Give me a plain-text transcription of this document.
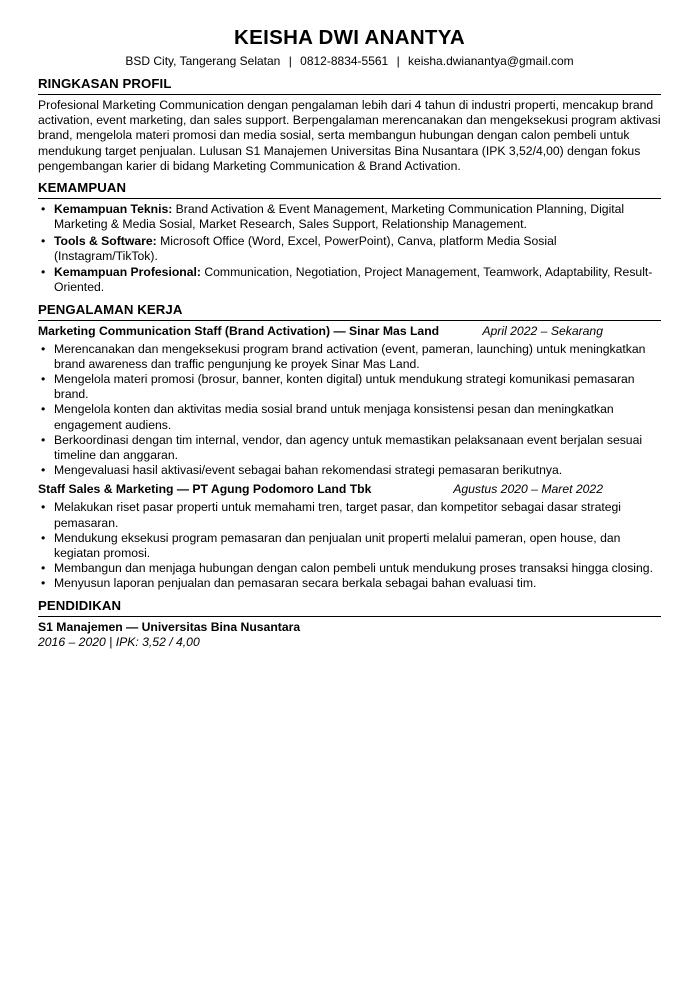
KEISHA DWI ANANTYA
BSD City, Tangerang Selatan | 0812-8834-5561 | keisha.dwianantya@gmail.com
RINGKASAN PROFIL
Profesional Marketing Communication dengan pengalaman lebih dari 4 tahun di industri properti, mencakup brand activation, event marketing, dan sales support. Berpengalaman merencanakan dan mengeksekusi program aktivasi brand, mengelola materi promosi dan media sosial, serta membangun hubungan dengan calon pembeli untuk mendukung target penjualan. Lulusan S1 Manajemen Universitas Bina Nusantara (IPK 3,52/4,00) dengan fokus pengembangan karier di bidang Marketing Communication & Brand Activation.
KEMAMPUAN
• Kemampuan Teknis: Brand Activation & Event Management, Marketing Communication Planning, Digital Marketing & Media Sosial, Market Research, Sales Support, Relationship Management.
• Tools & Software: Microsoft Office (Word, Excel, PowerPoint), Canva, platform Media Sosial (Instagram/TikTok).
• Kemampuan Profesional: Communication, Negotiation, Project Management, Teamwork, Adaptability, Result-Oriented.
PENGALAMAN KERJA
Marketing Communication Staff (Brand Activation) — Sinar Mas Land	April 2022 – Sekarang
• Merencanakan dan mengeksekusi program brand activation (event, pameran, launching) untuk meningkatkan brand awareness dan traffic pengunjung ke proyek Sinar Mas Land.
• Mengelola materi promosi (brosur, banner, konten digital) untuk mendukung strategi komunikasi pemasaran brand.
• Mengelola konten dan aktivitas media sosial brand untuk menjaga konsistensi pesan dan meningkatkan engagement audiens.
• Berkoordinasi dengan tim internal, vendor, dan agency untuk memastikan pelaksanaan event berjalan sesuai timeline dan anggaran.
• Mengevaluasi hasil aktivasi/event sebagai bahan rekomendasi strategi pemasaran berikutnya.
Staff Sales & Marketing — PT Agung Podomoro Land Tbk	Agustus 2020 – Maret 2022
• Melakukan riset pasar properti untuk memahami tren, target pasar, dan kompetitor sebagai dasar strategi pemasaran.
• Mendukung eksekusi program pemasaran dan penjualan unit properti melalui pameran, open house, dan kegiatan promosi.
• Membangun dan menjaga hubungan dengan calon pembeli untuk mendukung proses transaksi hingga closing.
• Menyusun laporan penjualan dan pemasaran secara berkala sebagai bahan evaluasi tim.
PENDIDIKAN
S1 Manajemen — Universitas Bina Nusantara
2016 – 2020 | IPK: 3,52 / 4,00
